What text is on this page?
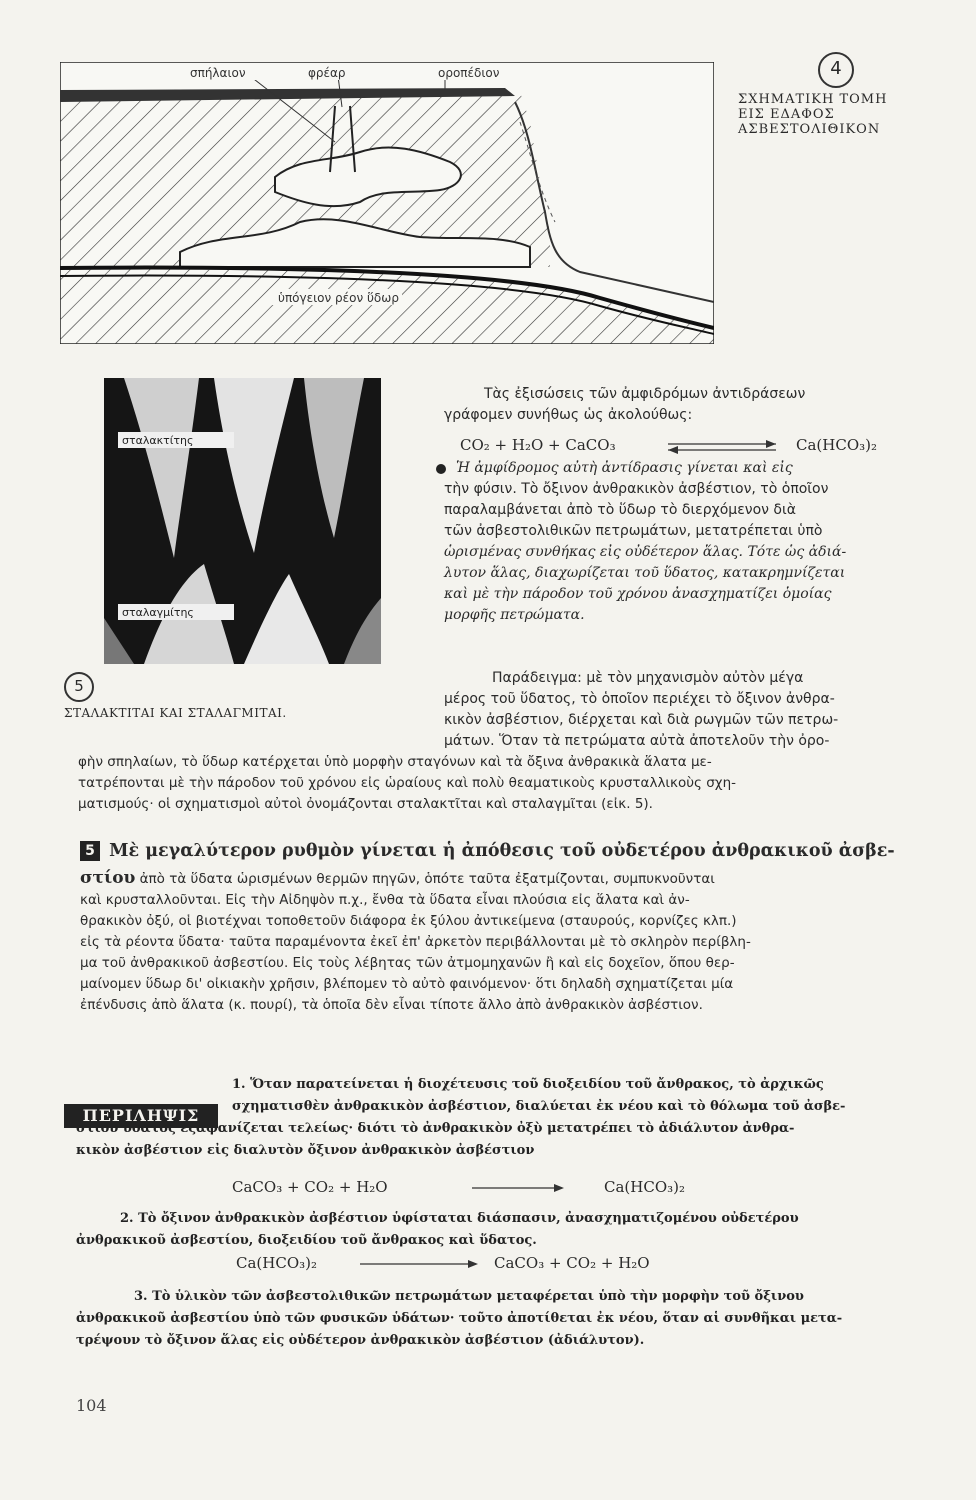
σπήλαιον	φρέαρ	οροπέδιον
ὑπόγειον ρέον ὕδωρ
4
ΣΧΗΜΑΤΙΚΗ ΤΟΜΗ
ΕΙΣ ΕΔΑΦΟΣ
ΑΣΒΕΣΤΟΛΙΘΙΚΟΝ
σταλακτίτης
σταλαγμίτης
5
ΣΤΑΛΑΚΤΙΤΑΙ ΚΑΙ ΣΤΑΛΑΓΜΙΤΑΙ.
Τὰς ἐξισώσεις τῶν ἀμφιδρόμων ἀντιδράσεων
γράφομεν συνήθως ὡς ἀκολούθως:
CO₂ + H₂O + CaCO₃	Ca(HCO₃)₂
Ἡ ἀμφίδρομος αὐτὴ ἀντίδρασις γίνεται καὶ εἰς
τὴν φύσιν. Τὸ ὄξινον ἀνθρακικὸν ἀσβέστιον, τὸ ὁποῖον
παραλαμβάνεται ἀπὸ τὸ ὕδωρ τὸ διερχόμενον διὰ
τῶν ἀσβεστολιθικῶν πετρωμάτων, μετατρέπεται ὑπὸ
ὡρισμένας συνθήκας εἰς οὐδέτερον ἅλας. Τότε ὡς ἀδιά-
λυτον ἅλας, διαχωρίζεται τοῦ ὕδατος, κατακρημνίζεται
καὶ μὲ τὴν πάροδον τοῦ χρόνου ἀνασχηματίζει ὁμοίας
μορφῆς πετρώματα.
Παράδειγμα: μὲ τὸν μηχανισμὸν αὐτὸν μέγα
μέρος τοῦ ὕδατος, τὸ ὁποῖον περιέχει τὸ ὄξινον ἀνθρα-
κικὸν ἀσβέστιον, διέρχεται καὶ διὰ ρωγμῶν τῶν πετρω-
μάτων. Ὅταν τὰ πετρώματα αὐτὰ ἀποτελοῦν τὴν ὀρο-
φὴν σπηλαίων, τὸ ὕδωρ κατέρχεται ὑπὸ μορφὴν σταγόνων καὶ τὰ ὄξινα ἀνθρακικὰ ἅλατα με-
τατρέπονται μὲ τὴν πάροδον τοῦ χρόνου εἰς ὡραίους καὶ πολὺ θεαματικοὺς κρυσταλλικοὺς σχη-
ματισμούς· οἱ σχηματισμοὶ αὐτοὶ ὀνομάζονται σταλακτῖται καὶ σταλαγμῖται (εἰκ. 5).
5 Μὲ μεγαλύτερον ρυθμὸν γίνεται ἡ ἀπόθεσις τοῦ οὐδετέρου ἀνθρακικοῦ ἀσβε-
στίου ἀπὸ τὰ ὕδατα ὡρισμένων θερμῶν πηγῶν, ὁπότε ταῦτα ἐξατμίζονται, συμπυκνοῦνται
καὶ κρυσταλλοῦνται. Εἰς τὴν Αἰδηψὸν π.χ., ἔνθα τὰ ὕδατα εἶναι πλούσια εἰς ἅλατα καὶ ἀν-
θρακικὸν ὀξύ, οἱ βιοτέχναι τοποθετοῦν διάφορα ἐκ ξύλου ἀντικείμενα (σταυρούς, κορνίζες κλπ.)
εἰς τὰ ρέοντα ὕδατα· ταῦτα παραμένοντα ἐκεῖ ἐπ' ἀρκετὸν περιβάλλονται μὲ τὸ σκληρὸν περίβλη-
μα τοῦ ἀνθρακικοῦ ἀσβεστίου. Εἰς τοὺς λέβητας τῶν ἀτμομηχανῶν ἢ καὶ εἰς δοχεῖον, ὅπου θερ-
μαίνομεν ὕδωρ δι' οἰκιακὴν χρῆσιν, βλέπομεν τὸ αὐτὸ φαινόμενον· ὅτι δηλαδὴ σχηματίζεται μία
ἐπένδυσις ἀπὸ ἅλατα (κ. πουρί), τὰ ὁποῖα δὲν εἶναι τίποτε ἄλλο ἀπὸ ἀνθρακικὸν ἀσβέστιον.
ΠΕΡΙΛΗΨΙΣ
1. Ὅταν παρατείνεται ἡ διοχέτευσις τοῦ διοξειδίου τοῦ ἄνθρακος, τὸ ἀρχικῶς
σχηματισθὲν ἀνθρακικὸν ἀσβέστιον, διαλύεται ἐκ νέου καὶ τὸ θόλωμα τοῦ ἀσβε-
στίου ὕδατος ἐξαφανίζεται τελείως· διότι τὸ ἀνθρακικὸν ὀξὺ μετατρέπει τὸ ἀδιάλυτον ἀνθρα-
κικὸν ἀσβέστιον εἰς διαλυτὸν ὄξινον ἀνθρακικὸν ἀσβέστιον
CaCO₃ + CO₂ + H₂O	Ca(HCO₃)₂
2. Τὸ ὄξινον ἀνθρακικὸν ἀσβέστιον ὑφίσταται διάσπασιν, ἀνασχηματιζομένου οὐδετέρου
ἀνθρακικοῦ ἀσβεστίου, διοξειδίου τοῦ ἄνθρακος καὶ ὕδατος.
Ca(HCO₃)₂	CaCO₃ + CO₂ + H₂O
3. Τὸ ὑλικὸν τῶν ἀσβεστολιθικῶν πετρωμάτων μεταφέρεται ὑπὸ τὴν μορφὴν τοῦ ὄξινου
ἀνθρακικοῦ ἀσβεστίου ὑπὸ τῶν φυσικῶν ὑδάτων· τοῦτο ἀποτίθεται ἐκ νέου, ὅταν αἱ συνθῆκαι μετα-
τρέψουν τὸ ὄξινον ἅλας εἰς οὐδέτερον ἀνθρακικὸν ἀσβέστιον (ἀδιάλυτον).
104
